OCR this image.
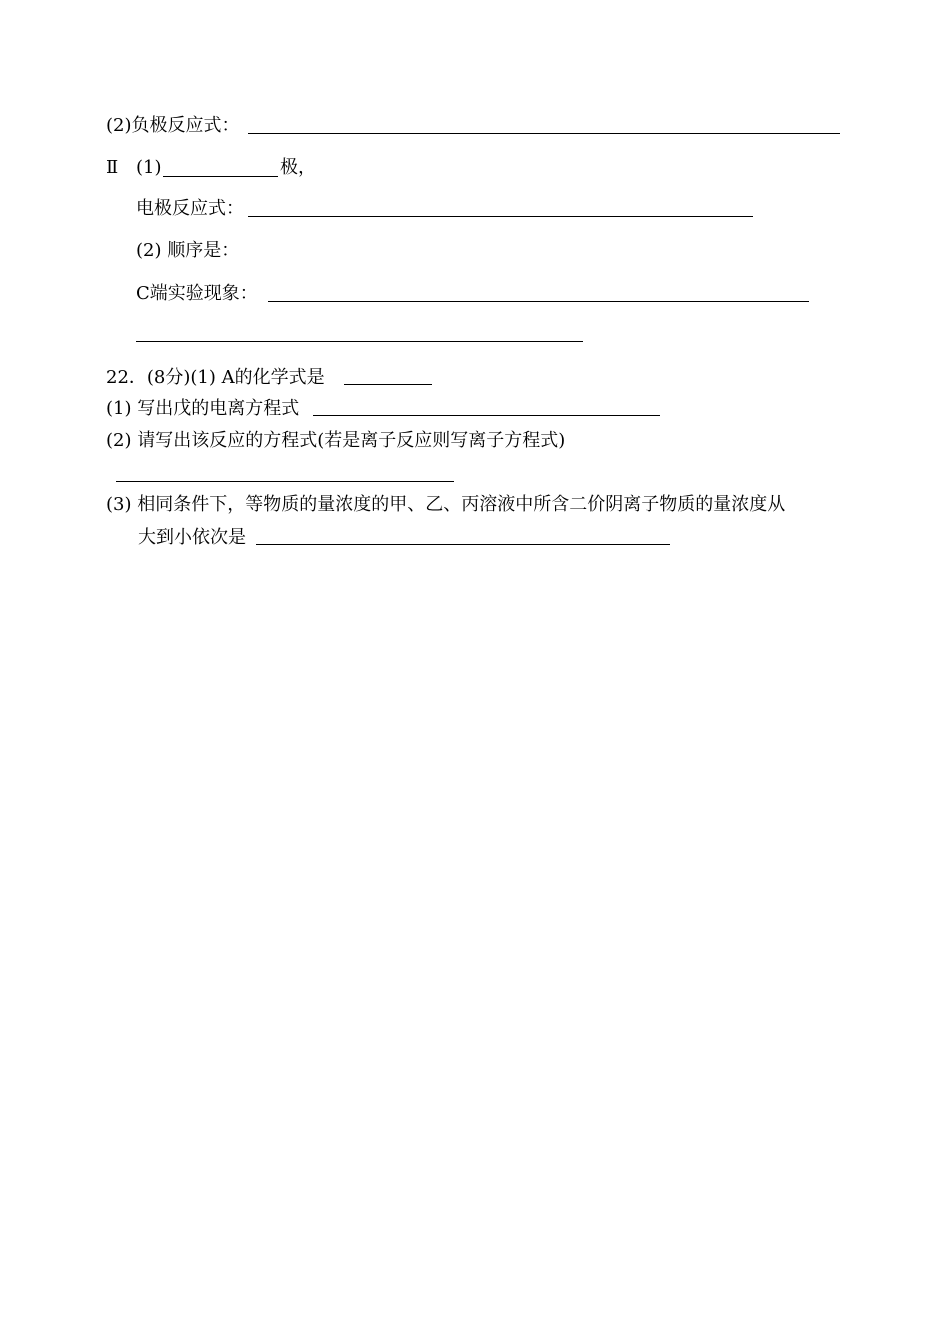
(2)负极反应式：
Ⅱ (1)	极，
电极反应式：
(2) 顺序是：
C端实验现象：
22．(8分)(1) A的化学式是
(1) 写出戊的电离方程式
(2) 请写出该反应的方程式(若是离子反应则写离子方程式)
(3) 相同条件下，等物质的量浓度的甲、乙、丙溶液中所含二价阴离子物质的量浓度从
大到小依次是
